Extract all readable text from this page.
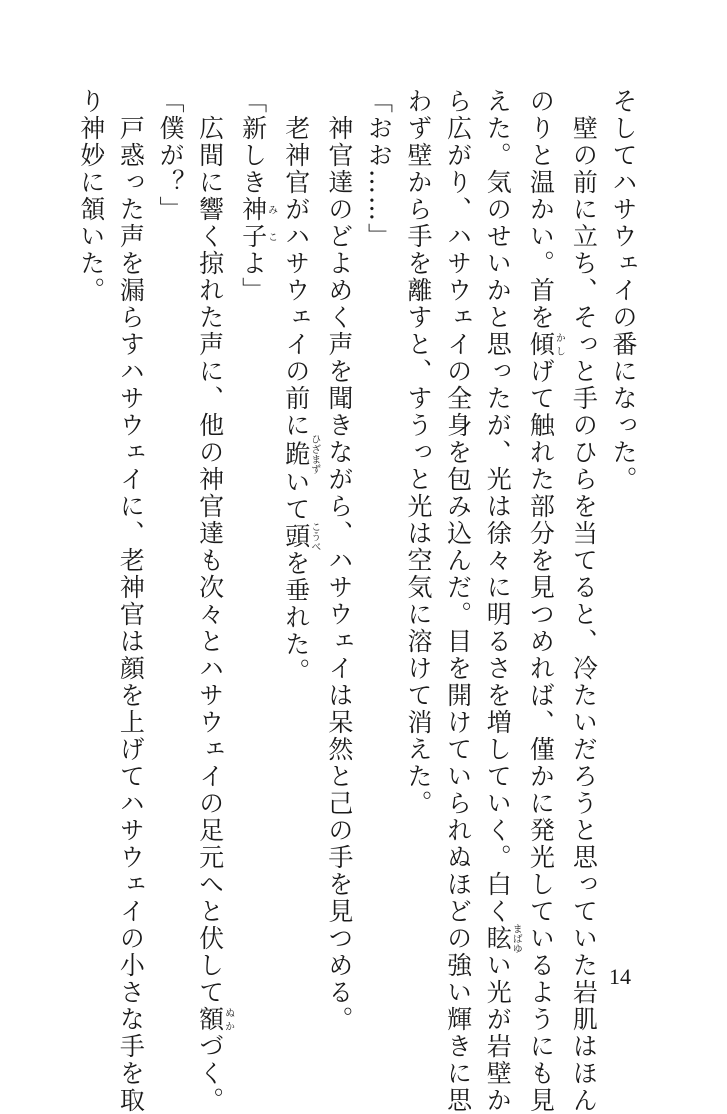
そしてハサウェイの番になった。

　壁の前に立ち、そっと手のひらを当てると、冷たいだろうと思っていた岩肌はほん

のりと温かい。首を傾かしげて触れた部分を見つめれば、僅かに発光しているようにも見

えた。気のせいかと思ったが、光は徐々に明るさを増していく。白く眩まばゆい光が岩壁か

ら広がり、ハサウェイの全身を包み込んだ。目を開けていられぬほどの強い輝きに思

わず壁から手を離すと、すうっと光は空気に溶けて消えた。

「おお……」

　神官達のどよめく声を聞きながら、ハサウェイは呆然と己の手を見つめる。

　老神官がハサウェイの前に跪ひざまずいて頭こうべを垂れた。

「新しき神子みこよ」

　広間に響く掠れた声に、他の神官達も次々とハサウェイの足元へと伏して額ぬかづく。

「僕が？」

　戸惑った声を漏らすハサウェイに、老神官は顔を上げてハサウェイの小さな手を取

り神妙に頷いた。

14
